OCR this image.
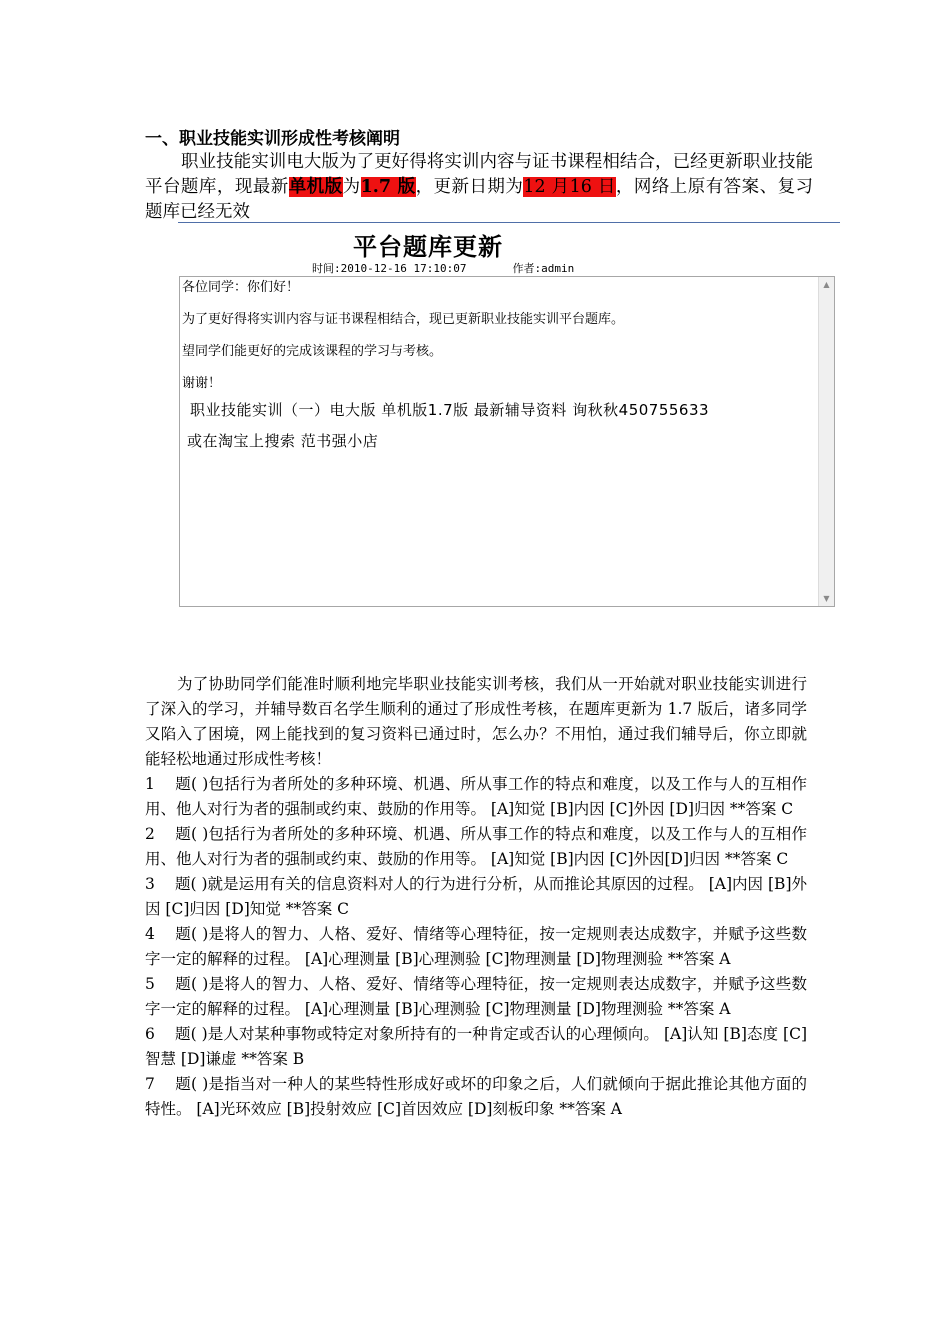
一、职业技能实训形成性考核阐明

职业技能实训电大版为了更好得将实训内容与证书课程相结合，已经更新职业技能平台题库，现最新单机版为1.7 版，更新日期为12 月16 日，网络上原有答案、复习题库已经无效

平台题库更新
时间:2010-12-16 17:10:07	作者:admin

各位同学：你们好！

为了更好得将实训内容与证书课程相结合，现已更新职业技能实训平台题库。

望同学们能更好的完成该课程的学习与考核。

谢谢！

职业技能实训（一）电大版 单机版1.7版 最新辅导资料 询秋秋450755633

或在淘宝上搜索 范书强小店

▲
▼

为了协助同学们能准时顺利地完毕职业技能实训考核，我们从一开始就对职业技能实训进行了深入的学习，并辅导数百名学生顺利的通过了形成性考核，在题库更新为 1.7 版后，诸多同学又陷入了困境，网上能找到的复习资料已通过时，怎么办？不用怕，通过我们辅导后，你立即就能轻松地通过形成性考核！

1 题( )包括行为者所处的多种环境、机遇、所从事工作的特点和难度，以及工作与人的互相作用、他人对行为者的强制或约束、鼓励的作用等。 [A]知觉 [B]内因 [C]外因 [D]归因 **答案 C
2 题( )包括行为者所处的多种环境、机遇、所从事工作的特点和难度，以及工作与人的互相作用、他人对行为者的强制或约束、鼓励的作用等。 [A]知觉 [B]内因 [C]外因[D]归因 **答案 C
3 题( )就是运用有关的信息资料对人的行为进行分析，从而推论其原因的过程。 [A]内因 [B]外因 [C]归因 [D]知觉 **答案 C
4 题( )是将人的智力、人格、爱好、情绪等心理特征，按一定规则表达成数字，并赋予这些数字一定的解释的过程。 [A]心理测量 [B]心理测验 [C]物理测量 [D]物理测验 **答案 A
5 题( )是将人的智力、人格、爱好、情绪等心理特征，按一定规则表达成数字，并赋予这些数字一定的解释的过程。 [A]心理测量 [B]心理测验 [C]物理测量 [D]物理测验 **答案 A
6 题( )是人对某种事物或特定对象所持有的一种肯定或否认的心理倾向。 [A]认知 [B]态度 [C]智慧 [D]谦虚 **答案 B
7 题( )是指当对一种人的某些特性形成好或坏的印象之后，人们就倾向于据此推论其他方面的特性。 [A]光环效应 [B]投射效应 [C]首因效应 [D]刻板印象 **答案 A
